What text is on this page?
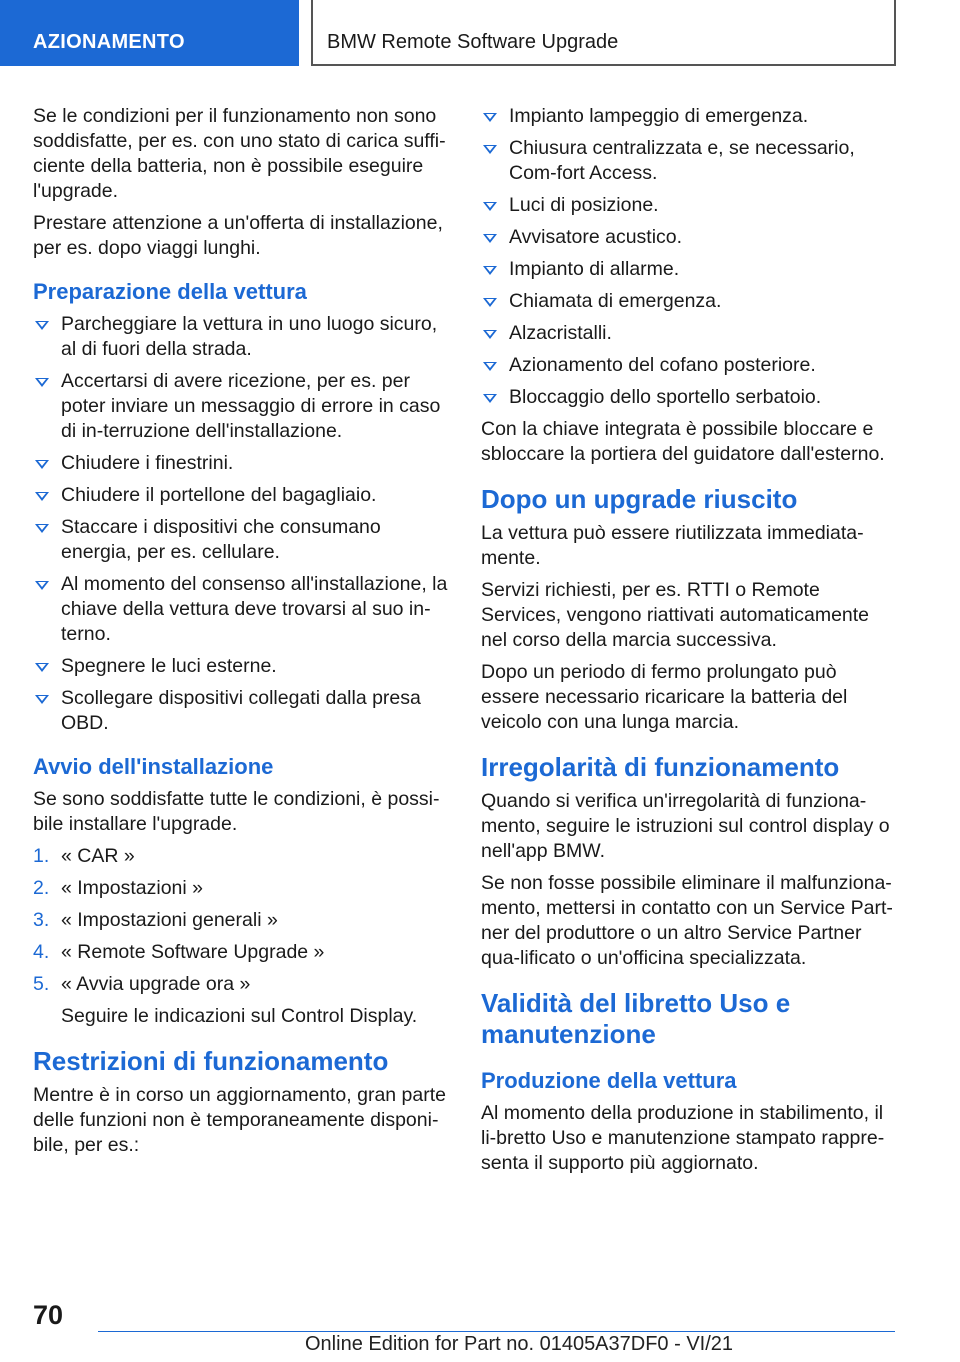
AZIONAMENTO	BMW Remote Software Upgrade

Se le condizioni per il funzionamento non sono soddisfatte, per es. con uno stato di carica suffi-ciente della batteria, non è possibile eseguire l'upgrade.

Prestare attenzione a un'offerta di installazione, per es. dopo viaggi lunghi.

Preparazione della vettura
Parcheggiare la vettura in uno luogo sicuro, al di fuori della strada.
Accertarsi di avere ricezione, per es. per poter inviare un messaggio di errore in caso di in-terruzione dell'installazione.
Chiudere i finestrini.
Chiudere il portellone del bagagliaio.
Staccare i dispositivi che consumano energia, per es. cellulare.
Al momento del consenso all'installazione, la chiave della vettura deve trovarsi al suo in-terno.
Spegnere le luci esterne.
Scollegare dispositivi collegati dalla presa OBD.
Avvio dell'installazione

Se sono soddisfatte tutte le condizioni, è possi-bile installare l'upgrade.

1. « CAR »
2. « Impostazioni »
3. « Impostazioni generali »
4. « Remote Software Upgrade »
5. « Avvia upgrade ora »
Seguire le indicazioni sul Control Display.
Restrizioni di funzionamento

Mentre è in corso un aggiornamento, gran parte delle funzioni non è temporaneamente disponi-bile, per es.:

Impianto lampeggio di emergenza.
Chiusura centralizzata e, se necessario, Com-fort Access.
Luci di posizione.
Avvisatore acustico.
Impianto di allarme.
Chiamata di emergenza.
Alzacristalli.
Azionamento del cofano posteriore.
Bloccaggio dello sportello serbatoio.

Con la chiave integrata è possibile bloccare e sbloccare la portiera del guidatore dall'esterno.

Dopo un upgrade riuscito

La vettura può essere riutilizzata immediata-mente.

Servizi richiesti, per es. RTTI o Remote Services, vengono riattivati automaticamente nel corso della marcia successiva.

Dopo un periodo di fermo prolungato può essere necessario ricaricare la batteria del veicolo con una lunga marcia.

Irregolarità di funzionamento

Quando si verifica un'irregolarità di funziona-mento, seguire le istruzioni sul control display o nell'app BMW.

Se non fosse possibile eliminare il malfunziona-mento, mettersi in contatto con un Service Part-ner del produttore o un altro Service Partner qua-lificato o un'officina specializzata.

Validità del libretto Uso e manutenzione
Produzione della vettura

Al momento della produzione in stabilimento, il li-bretto Uso e manutenzione stampato rappre-senta il supporto più aggiornato.

70
Online Edition for Part no. 01405A37DF0 - VI/21
